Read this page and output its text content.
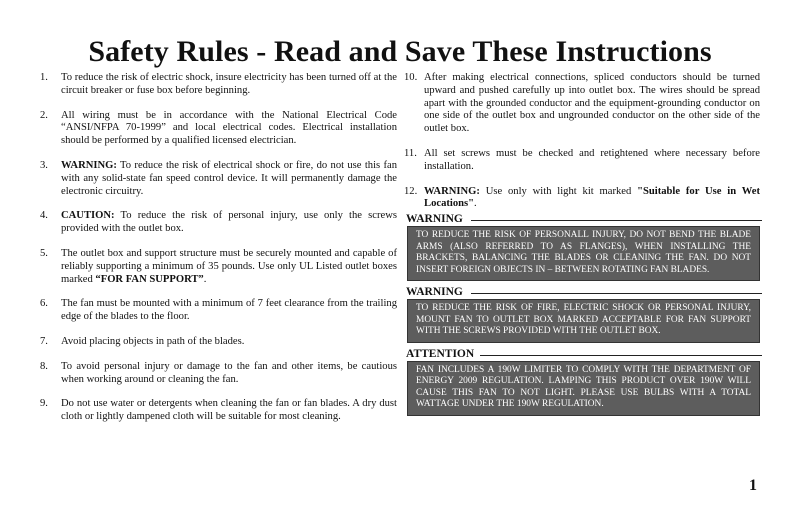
Safety Rules - Read and Save These Instructions

1.	To reduce the risk of electric shock, insure electricity has been turned off at the circuit breaker or fuse box before beginning.

2.	All wiring must be in accordance with the National Electrical Code “ANSI/NFPA 70-1999” and local electrical codes. Electrical installation should be performed by a qualified licensed electrician.

3.	WARNING: To reduce the risk of electrical shock or fire, do not use this fan with any solid-state fan speed control device. It will permanently damage the electronic circuitry.

4.	CAUTION: To reduce the risk of personal injury, use only the screws provided with the outlet box.

5.	The outlet box and support structure must be securely mounted and capable of reliably supporting a minimum of 35 pounds. Use only UL Listed outlet boxes marked “FOR FAN SUPPORT”.

6.	The fan must be mounted with a minimum of 7 feet clearance from the trailing edge of the blades to the floor.

7.	Avoid placing objects in path of the blades.

8.	To avoid personal injury or damage to the fan and other items, be cautious when working around or cleaning the fan.

9.	Do not use water or detergents when cleaning the fan or fan blades. A dry dust cloth or lightly dampened cloth will be suitable for most cleaning.

10. After making electrical connections, spliced conductors should be turned upward and pushed carefully up into outlet box. The wires should be spread apart with the grounded conductor and the equipment-grounding conductor on one side of the outlet box and ungrounded conductor on the other side of the outlet box.

11. All set screws must be checked and retightened where necessary before installation.

12. WARNING: Use only with light kit marked "Suitable for Use in Wet Locations".

WARNING
TO REDUCE THE RISK OF PERSONALL INJURY, DO NOT BEND THE BLADE ARMS (ALSO REFERRED TO AS FLANGES), WHEN INSTALLING THE BRACKETS, BALANCING THE BLADES OR CLEANING THE FAN. DO NOT INSERT FOREIGN OBJECTS IN – BETWEEN ROTATING FAN BLADES.
WARNING
TO REDUCE THE RISK OF FIRE, ELECTRIC SHOCK OR PERSONAL INJURY, MOUNT FAN TO OUTLET BOX MARKED ACCEPTABLE FOR FAN SUPPORT WITH THE SCREWS PROVIDED WITH THE OUTLET BOX.
ATTENTION
FAN INCLUDES A 190W LIMITER TO COMPLY WITH THE DEPARTMENT OF ENERGY 2009 REGULATION. LAMPING THIS PRODUCT OVER 190W WILL CAUSE THIS FAN TO NOT LIGHT. PLEASE USE BULBS WITH A TOTAL WATTAGE UNDER THE 190W REGULATION.
1
